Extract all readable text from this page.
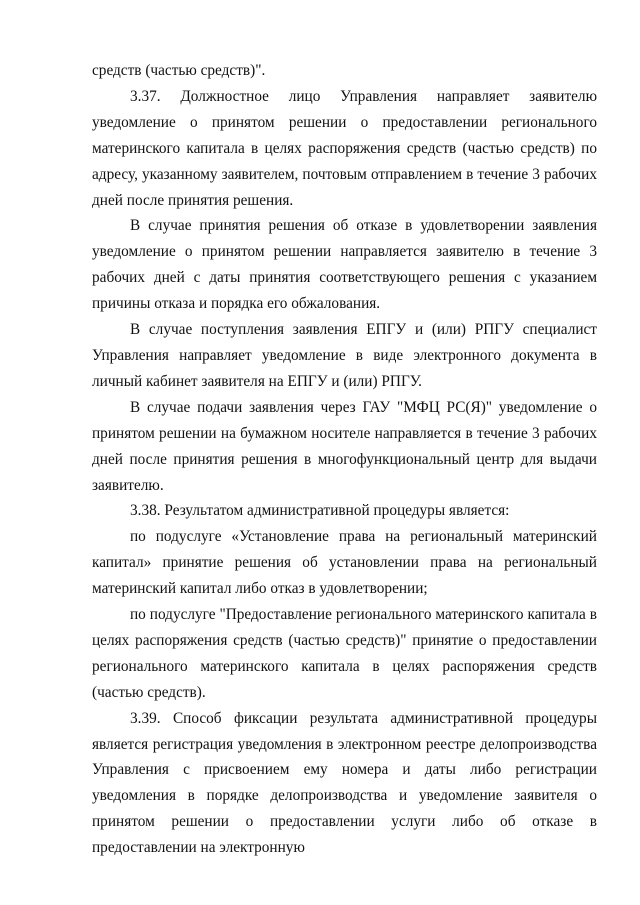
средств (частью средств)".

3.37. Должностное лицо Управления направляет заявителю уведомление о принятом решении о предоставлении регионального материнского капитала в целях распоряжения средств (частью средств) по адресу, указанному заявителем, почтовым отправлением в течение 3 рабочих дней после принятия решения.

В случае принятия решения об отказе в удовлетворении заявления уведомление о принятом решении направляется заявителю в течение 3 рабочих дней с даты принятия соответствующего решения с указанием причины отказа и порядка его обжалования.

В случае поступления заявления ЕПГУ и (или) РПГУ специалист Управления направляет уведомление в виде электронного документа в личный кабинет заявителя на ЕПГУ и (или) РПГУ.

В случае подачи заявления через ГАУ "МФЦ РС(Я)" уведомление о принятом решении на бумажном носителе направляется в течение 3 рабочих дней после принятия решения в многофункциональный центр для выдачи заявителю.

3.38. Результатом административной процедуры является:

по подуслуге «Установление права на региональный материнский капитал» принятие решения об установлении права на региональный материнский капитал либо отказ в удовлетворении;

по подуслуге "Предоставление регионального материнского капитала в целях распоряжения средств (частью средств)" принятие о предоставлении регионального материнского капитала в целях распоряжения средств (частью средств).

3.39. Способ фиксации результата административной процедуры является регистрация уведомления в электронном реестре делопроизводства Управления с присвоением ему номера и даты либо регистрации уведомления в порядке делопроизводства и уведомление заявителя о принятом решении о предоставлении услуги либо об отказе в предоставлении на электронную
